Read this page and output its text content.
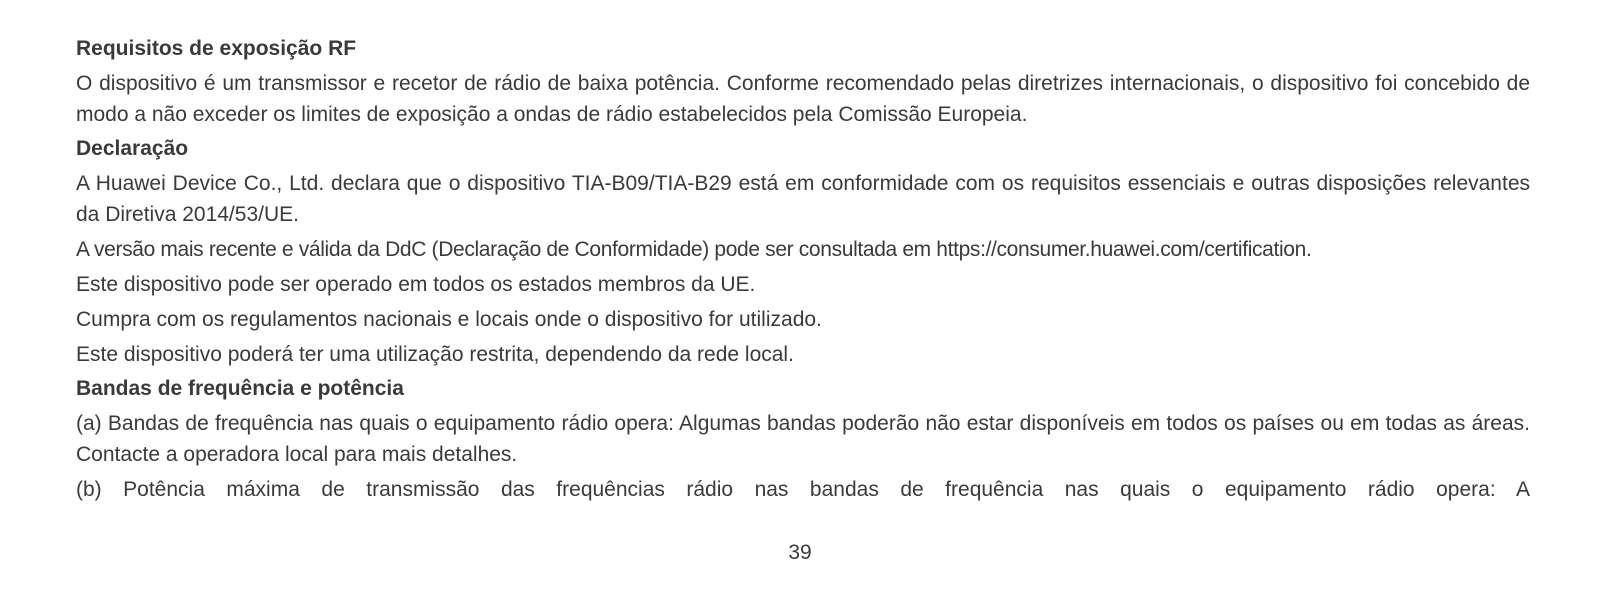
Requisitos de exposição RF
O dispositivo é um transmissor e recetor de rádio de baixa potência. Conforme recomendado pelas diretrizes internacionais, o dispositivo foi concebido de modo a não exceder os limites de exposição a ondas de rádio estabelecidos pela Comissão Europeia.
Declaração
A Huawei Device Co., Ltd. declara que o dispositivo TIA-B09/TIA-B29 está em conformidade com os requisitos essenciais e outras disposições relevantes da Diretiva 2014/53/UE.
A versão mais recente e válida da DdC (Declaração de Conformidade) pode ser consultada em https://consumer.huawei.com/certification.
Este dispositivo pode ser operado em todos os estados membros da UE.
Cumpra com os regulamentos nacionais e locais onde o dispositivo for utilizado.
Este dispositivo poderá ter uma utilização restrita, dependendo da rede local.
Bandas de frequência e potência
(a) Bandas de frequência nas quais o equipamento rádio opera: Algumas bandas poderão não estar disponíveis em todos os países ou em todas as áreas. Contacte a operadora local para mais detalhes.
(b) Potência máxima de transmissão das frequências rádio nas bandas de frequência nas quais o equipamento rádio opera: A
39
